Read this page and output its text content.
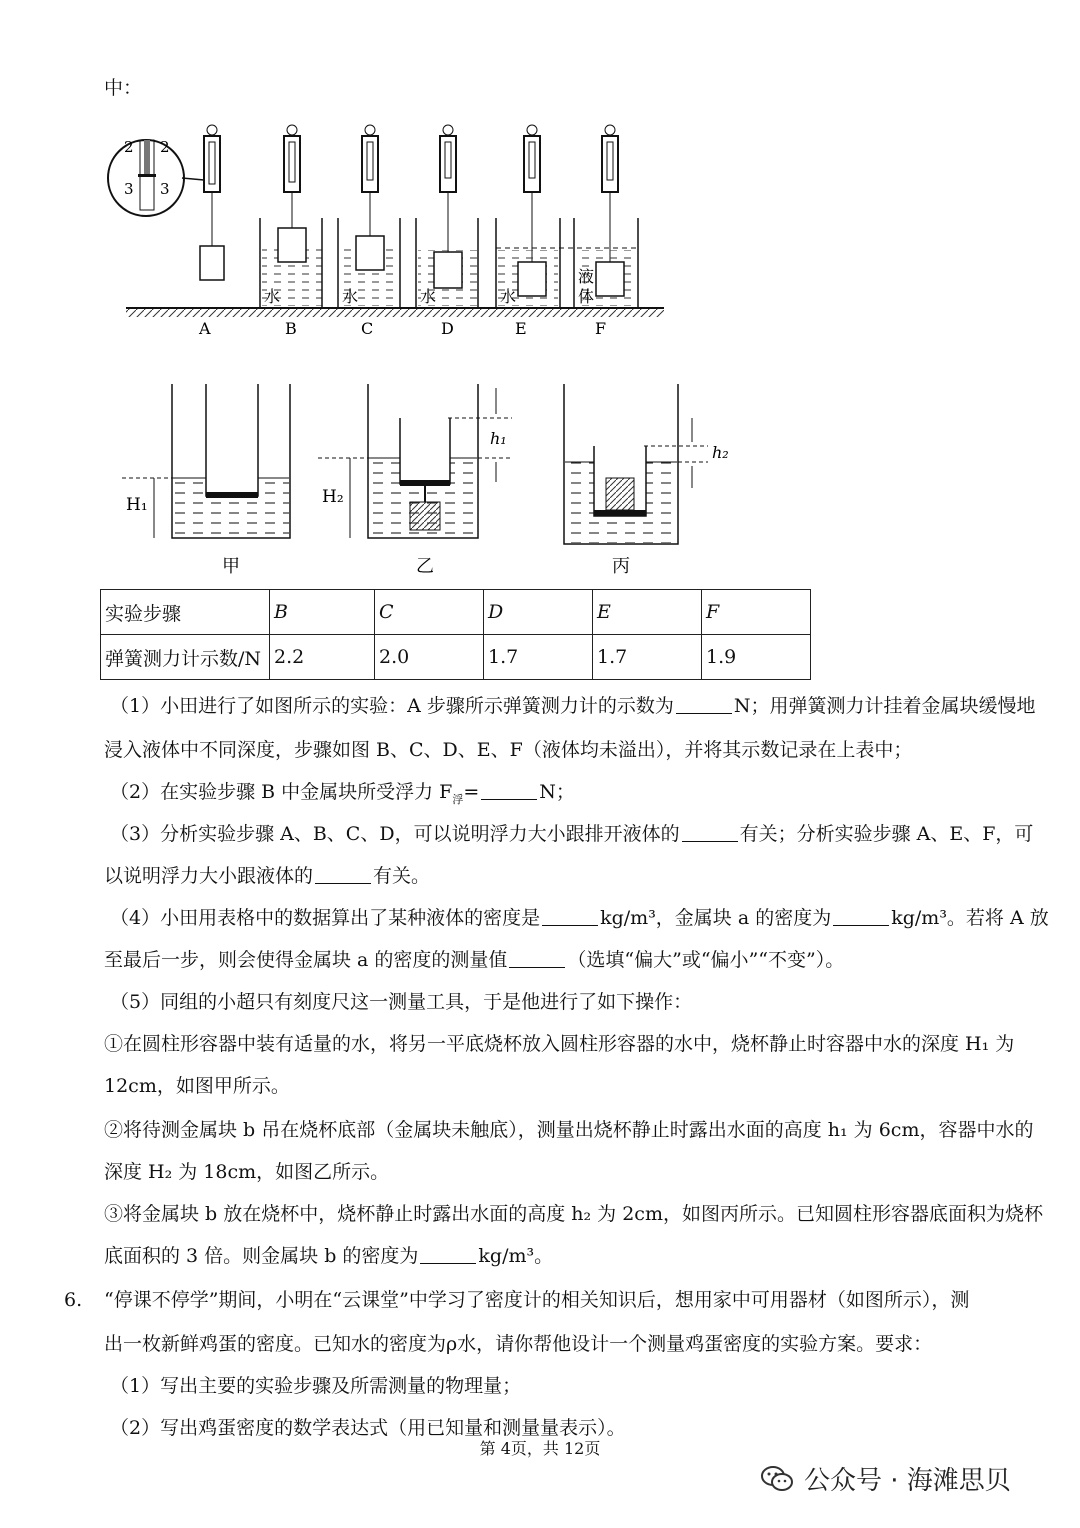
中：
2 2
3 3
水	水	水	水
液
体
A	B	C	D	E	F
H₁	H₂
h₁
h₂
甲	乙	丙
实验步骤	B	C	D	E	F
弹簧测力计示数/N	2.2	2.0	1.7	1.7	1.9
（1）小田进行了如图所示的实验：A 步骤所示弹簧测力计的示数为	N；用弹簧测力计挂着金属块缓慢地
浸入液体中不同深度，步骤如图 B、C、D、E、F（液体均未溢出），并将其示数记录在上表中；
（2）在实验步骤 B 中金属块所受浮力 $F_浮=$	N；
（3）分析实验步骤 A、B、C、D，可以说明浮力大小跟排开液体的	有关；分析实验步骤 A、E、F，可
以说明浮力大小跟液体的	有关。
（4）小田用表格中的数据算出了某种液体的密度是	kg/m³，金属块 a 的密度为	kg/m³。若将 A 放
至最后一步，则会使得金属块 a 的密度的测量值	（选填“偏大”或“偏小”“不变”）。
（5）同组的小超只有刻度尺这一测量工具，于是他进行了如下操作：
①在圆柱形容器中装有适量的水，将另一平底烧杯放入圆柱形容器的水中，烧杯静止时容器中水的深度 H₁ 为
12cm，如图甲所示。
②将待测金属块 b 吊在烧杯底部（金属块未触底），测量出烧杯静止时露出水面的高度 h₁ 为 6cm，容器中水的
深度 H₂ 为 18cm，如图乙所示。
③将金属块 b 放在烧杯中，烧杯静止时露出水面的高度 h₂ 为 2cm，如图丙所示。已知圆柱形容器底面积为烧杯
底面积的 3 倍。则金属块 b 的密度为	kg/m³。
6. “停课不停学”期间，小明在“云课堂”中学习了密度计的相关知识后，想用家中可用器材（如图所示），测
出一枚新鲜鸡蛋的密度。已知水的密度为ρ水，请你帮他设计一个测量鸡蛋密度的实验方案。要求：
（1）写出主要的实验步骤及所需测量的物理量；
（2）写出鸡蛋密度的数学表达式（用已知量和测量量表示）。
第 4页，共 12页
公众号 · 海滩思贝
